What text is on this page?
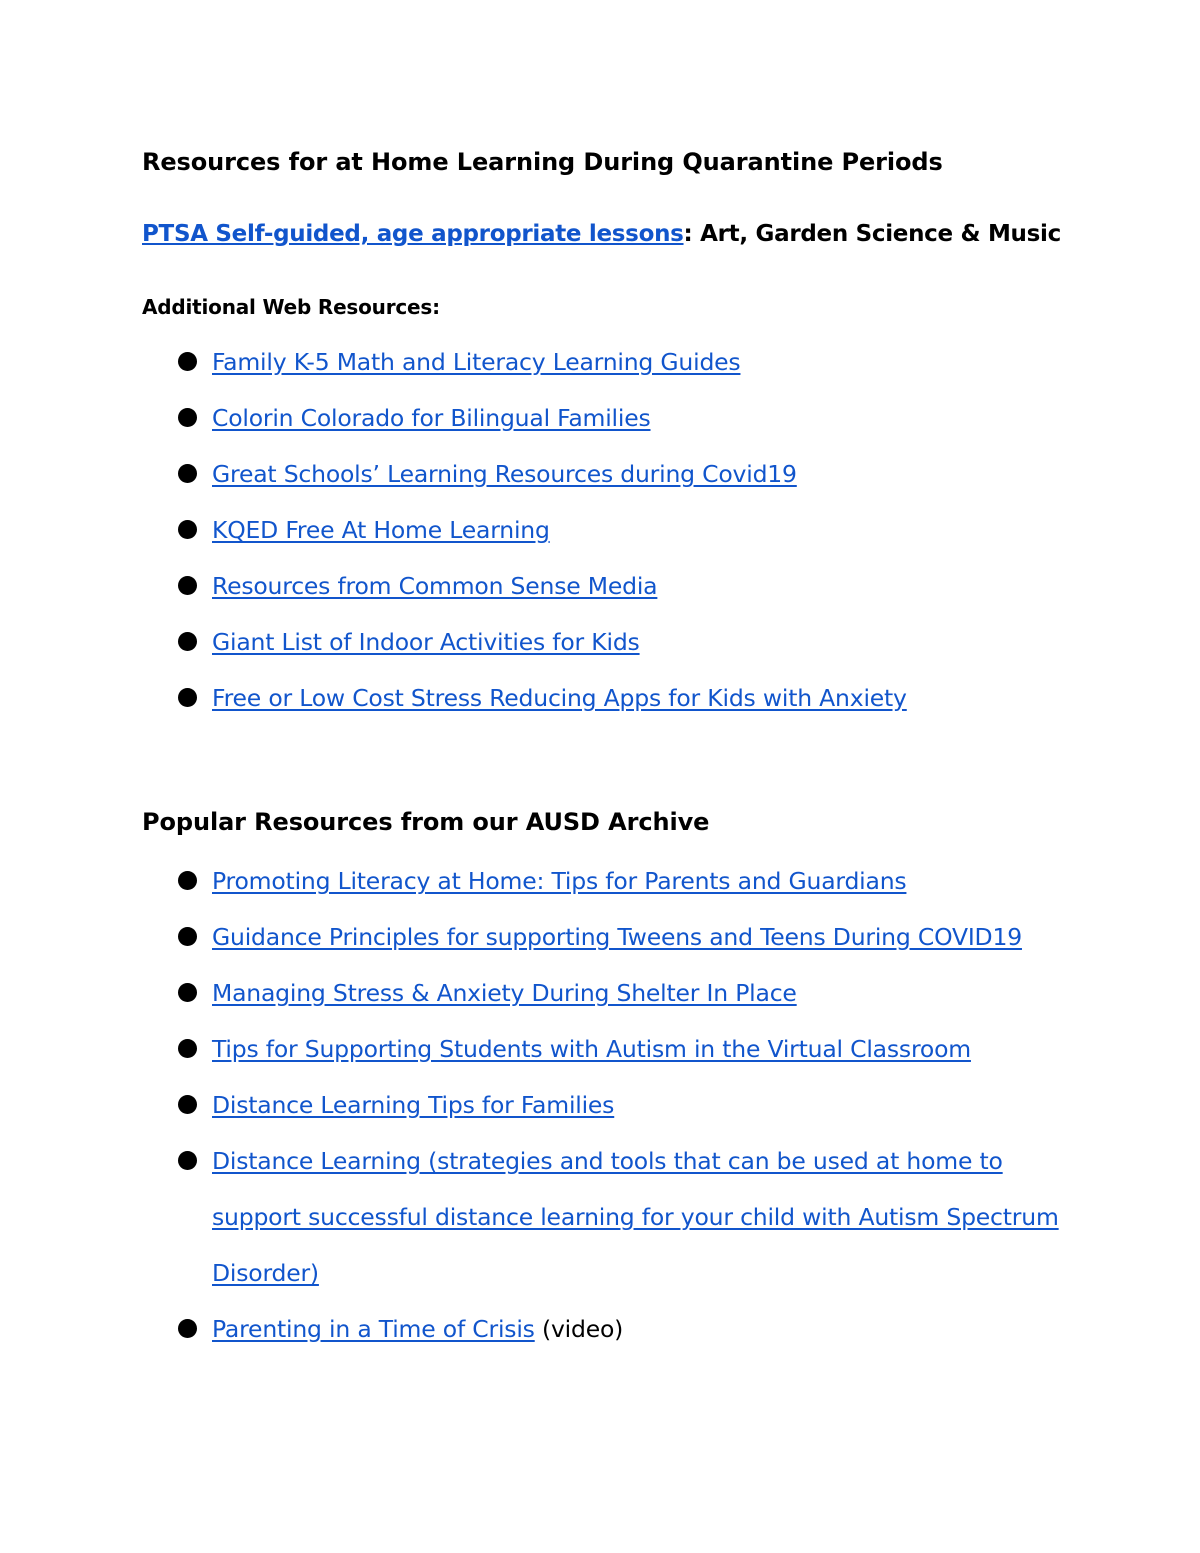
Resources for at Home Learning During Quarantine Periods
PTSA Self-guided, age appropriate lessons: Art, Garden Science & Music
Additional Web Resources:
Family K-5 Math and Literacy Learning Guides
Colorin Colorado for Bilingual Families
Great Schools’ Learning Resources during Covid19
KQED Free At Home Learning
Resources from Common Sense Media
Giant List of Indoor Activities for Kids
Free or Low Cost Stress Reducing Apps for Kids with Anxiety
Popular Resources from our AUSD Archive
Promoting Literacy at Home: Tips for Parents and Guardians
Guidance Principles for supporting Tweens and Teens During COVID19
Managing Stress & Anxiety During Shelter In Place
Tips for Supporting Students with Autism in the Virtual Classroom
Distance Learning Tips for Families
Distance Learning (strategies and tools that can be used at home to support successful distance learning for your child with Autism Spectrum Disorder)
Parenting in a Time of Crisis (video)
